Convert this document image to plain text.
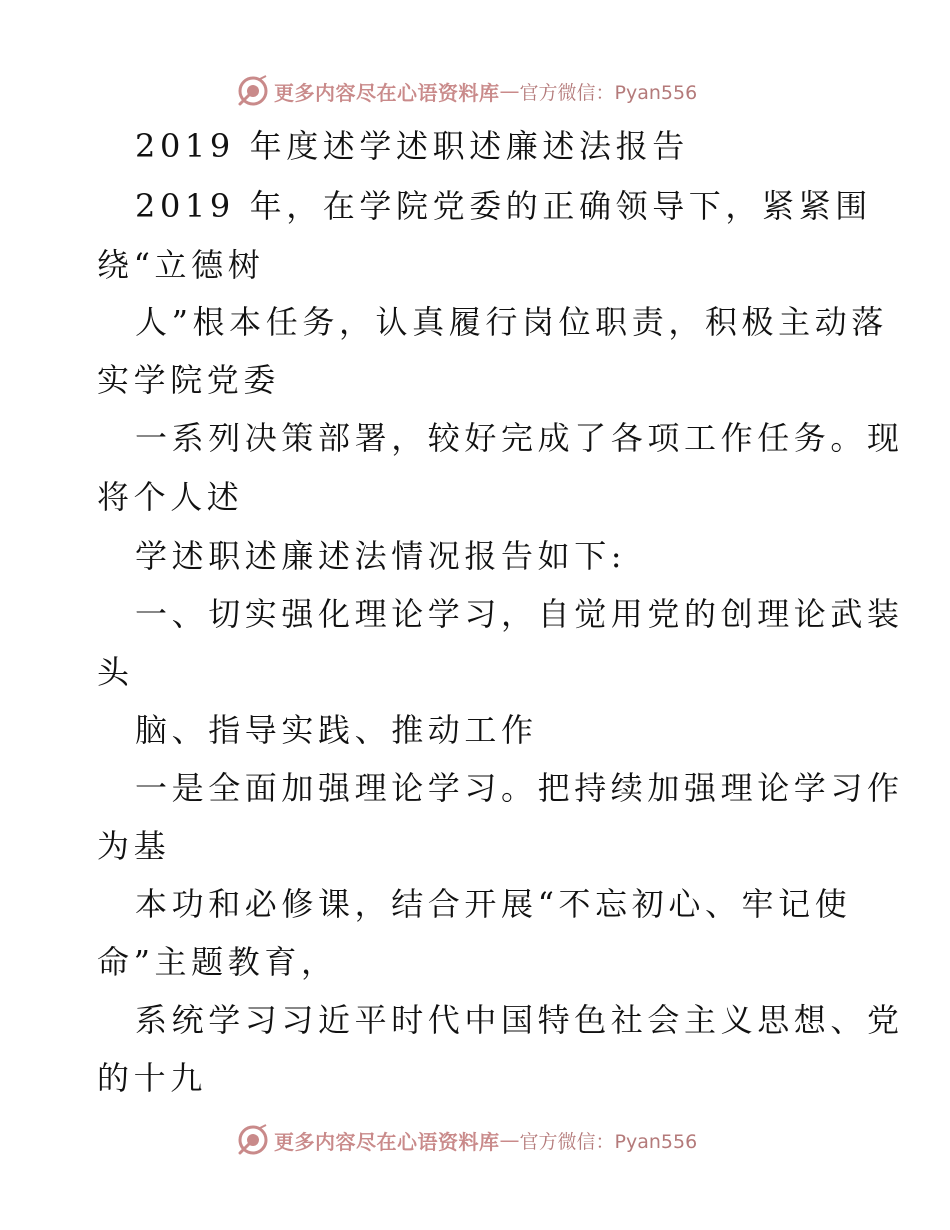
更多内容尽在心语资料库 — 官方微信：Pyan556
2019 年度述学述职述廉述法报告
2019 年，在学院党委的正确领导下，紧紧围
绕“立德树
人”根本任务，认真履行岗位职责，积极主动落
实学院党委
一系列决策部署，较好完成了各项工作任务。现
将个人述
学述职述廉述法情况报告如下:
一、切实强化理论学习，自觉用党的创理论武装
头
脑、指导实践、推动工作
一是全面加强理论学习。把持续加强理论学习作
为基
本功和必修课，结合开展“不忘初心、牢记使
命”主题教育，
系统学习习近平时代中国特色社会主义思想、党
的十九
更多内容尽在心语资料库 — 官方微信：Pyan556
